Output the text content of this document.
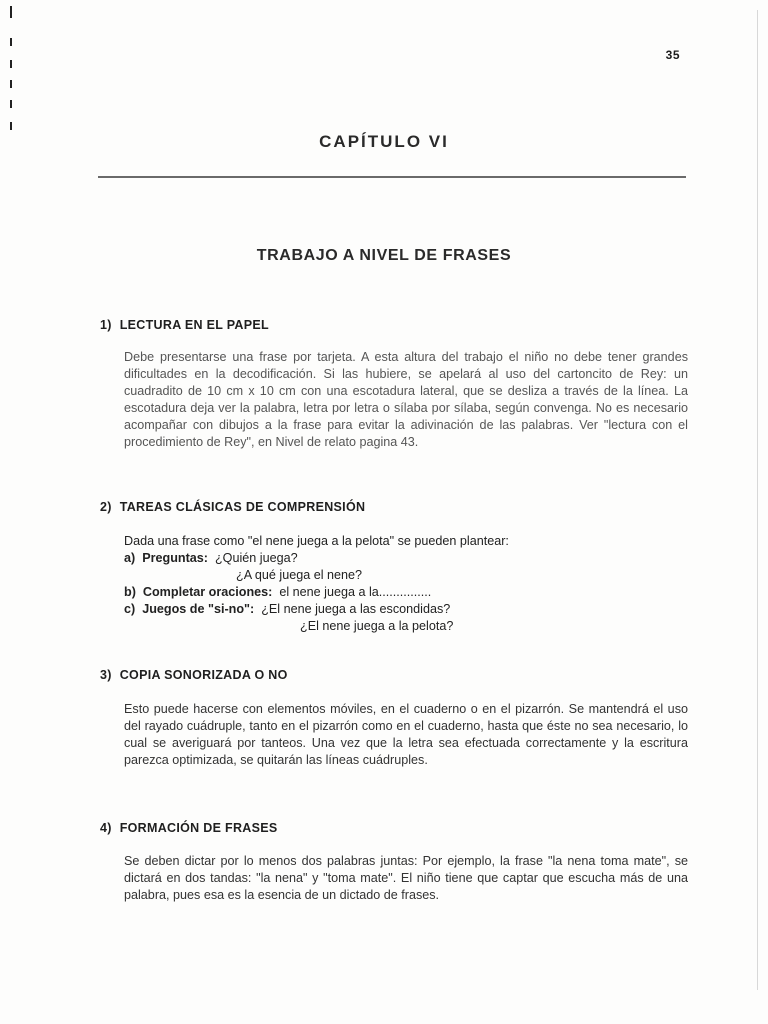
35
CAPÍTULO VI
TRABAJO A NIVEL DE FRASES
1) LECTURA EN EL PAPEL
Debe presentarse una frase por tarjeta. A esta altura del trabajo el niño no debe tener grandes dificultades en la decodificación. Si las hubiere, se apelará al uso del cartoncito de Rey: un cuadradito de 10 cm x 10 cm con una escotadura lateral, que se desliza a través de la línea. La escotadura deja ver la palabra, letra por letra o sílaba por sílaba, según convenga. No es necesario acompañar con dibujos a la frase para evitar la adivinación de las palabras. Ver "lectura con el procedimiento de Rey", en Nivel de relato pagina 43.
2) TAREAS CLÁSICAS DE COMPRENSIÓN
Dada una frase como "el nene juega a la pelota" se pueden plantear:
a) Preguntas: ¿Quién juega?
¿A qué juega el nene?
b) Completar oraciones: el nene juega a la...............
c) Juegos de "si-no": ¿El nene juega a las escondidas?
¿El nene juega a la pelota?
3) COPIA SONORIZADA O NO
Esto puede hacerse con elementos móviles, en el cuaderno o en el pizarrón. Se mantendrá el uso del rayado cuádruple, tanto en el pizarrón como en el cuaderno, hasta que éste no sea necesario, lo cual se averiguará por tanteos. Una vez que la letra sea efectuada correctamente y la escritura parezca optimizada, se quitarán las líneas cuádruples.
4) FORMACIÓN DE FRASES
Se deben dictar por lo menos dos palabras juntas: Por ejemplo, la frase "la nena toma mate", se dictará en dos tandas: "la nena" y "toma mate". El niño tiene que captar que escucha más de una palabra, pues esa es la esencia de un dictado de frases.
